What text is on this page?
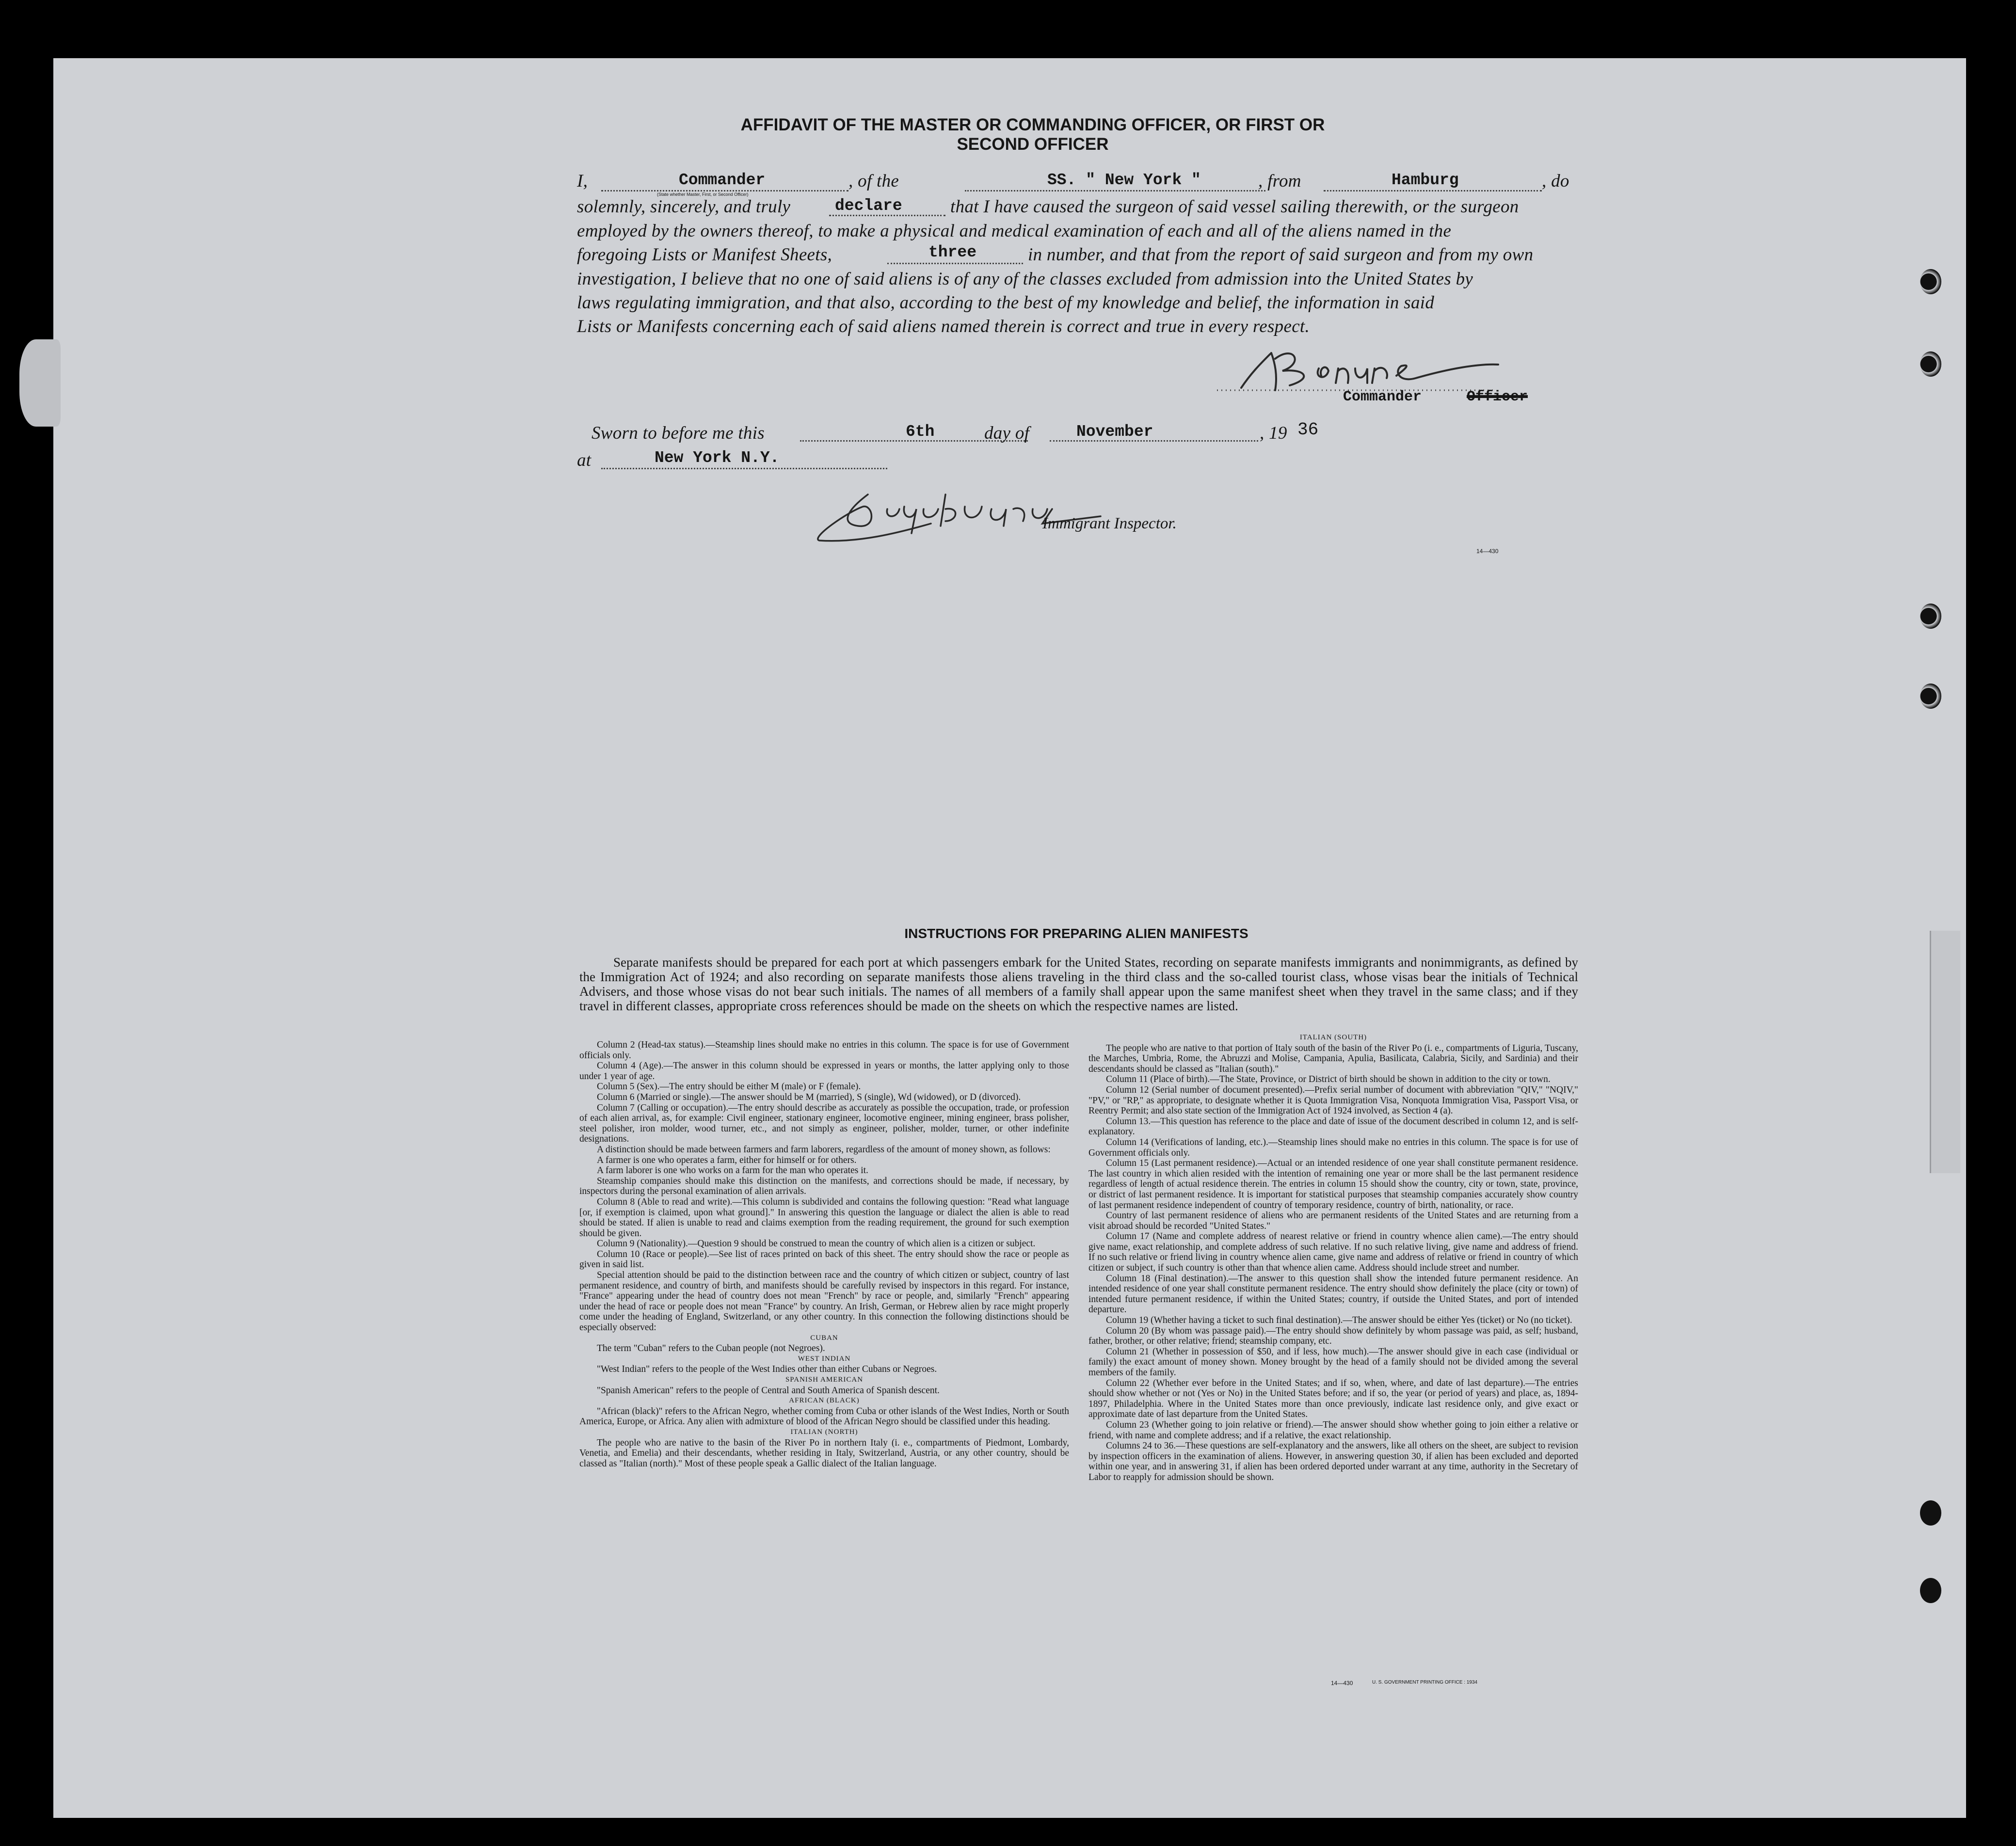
AFFIDAVIT OF THE MASTER OR COMMANDING OFFICER, OR FIRST OR SECOND OFFICER
I,	Commander
(State whether Master, First, or Second Officer)
, of the	SS. " New York "	, from	Hamburg	, do
solemnly, sincerely, and truly	declare	that I have caused the surgeon of said vessel sailing therewith, or the surgeon
employed by the owners thereof, to make a physical and medical examination of each and all of the aliens named in the
foregoing Lists or Manifest Sheets,	three	in number, and that from the report of said surgeon and from my own
investigation, I believe that no one of said aliens is of any of the classes excluded from admission into the United States by
laws regulating immigration, and that also, according to the best of my knowledge and belief, the information in said
Lists or Manifests concerning each of said aliens named therein is correct and true in every respect.
Commander	Officer
Sworn to before me this	6th	day of	November	, 19 36
at	New York N.Y.
Immigrant Inspector.
14—430
INSTRUCTIONS FOR PREPARING ALIEN MANIFESTS
Separate manifests should be prepared for each port at which passengers embark for the United States, recording on separate manifests immigrants and nonimmigrants, as defined by the Immigration Act of 1924; and also recording on separate manifests those aliens traveling in the third class and the so-called tourist class, whose visas bear the initials of Technical Advisers, and those whose visas do not bear such initials. The names of all members of a family shall appear upon the same manifest sheet when they travel in the same class; and if they travel in different classes, appropriate cross references should be made on the sheets on which the respective names are listed.

Column 2 (Head-tax status).—Steamship lines should make no entries in this column. The space is for use of Government officials only.

Column 4 (Age).—The answer in this column should be expressed in years or months, the latter applying only to those under 1 year of age.

Column 5 (Sex).—The entry should be either M (male) or F (female).

Column 6 (Married or single).—The answer should be M (married), S (single), Wd (widowed), or D (divorced).

Column 7 (Calling or occupation).—The entry should describe as accurately as possible the occupation, trade, or profession of each alien arrival, as, for example: Civil engineer, stationary engineer, locomotive engineer, mining engineer, brass polisher, steel polisher, iron molder, wood turner, etc., and not simply as engineer, polisher, molder, turner, or other indefinite designations.

A distinction should be made between farmers and farm laborers, regardless of the amount of money shown, as follows:

A farmer is one who operates a farm, either for himself or for others.

A farm laborer is one who works on a farm for the man who operates it.

Steamship companies should make this distinction on the manifests, and corrections should be made, if necessary, by inspectors during the personal examination of alien arrivals.

Column 8 (Able to read and write).—This column is subdivided and contains the following question: "Read what language [or, if exemption is claimed, upon what ground]." In answering this question the language or dialect the alien is able to read should be stated. If alien is unable to read and claims exemption from the reading requirement, the ground for such exemption should be given.

Column 9 (Nationality).—Question 9 should be construed to mean the country of which alien is a citizen or subject.

Column 10 (Race or people).—See list of races printed on back of this sheet. The entry should show the race or people as given in said list.

Special attention should be paid to the distinction between race and the country of which citizen or subject, country of last permanent residence, and country of birth, and manifests should be carefully revised by inspectors in this regard. For instance, "France" appearing under the head of country does not mean "French" by race or people, and, similarly "French" appearing under the head of race or people does not mean "France" by country. An Irish, German, or Hebrew alien by race might properly come under the heading of England, Switzerland, or any other country. In this connection the following distinctions should be especially observed:

CUBAN

The term "Cuban" refers to the Cuban people (not Negroes).

WEST INDIAN

"West Indian" refers to the people of the West Indies other than either Cubans or Negroes.

SPANISH AMERICAN

"Spanish American" refers to the people of Central and South America of Spanish descent.

AFRICAN (BLACK)

"African (black)" refers to the African Negro, whether coming from Cuba or other islands of the West Indies, North or South America, Europe, or Africa. Any alien with admixture of blood of the African Negro should be classified under this heading.

ITALIAN (NORTH)

The people who are native to the basin of the River Po in northern Italy (i. e., compartments of Piedmont, Lombardy, Venetia, and Emelia) and their descendants, whether residing in Italy, Switzerland, Austria, or any other country, should be classed as "Italian (north)." Most of these people speak a Gallic dialect of the Italian language.

ITALIAN (SOUTH)

The people who are native to that portion of Italy south of the basin of the River Po (i. e., compartments of Liguria, Tuscany, the Marches, Umbria, Rome, the Abruzzi and Molise, Campania, Apulia, Basilicata, Calabria, Sicily, and Sardinia) and their descendants should be classed as "Italian (south)."

Column 11 (Place of birth).—The State, Province, or District of birth should be shown in addition to the city or town.

Column 12 (Serial number of document presented).—Prefix serial number of document with abbreviation "QIV," "NQIV," "PV," or "RP," as appropriate, to designate whether it is Quota Immigration Visa, Nonquota Immigration Visa, Passport Visa, or Reentry Permit; and also state section of the Immigration Act of 1924 involved, as Section 4 (a).

Column 13.—This question has reference to the place and date of issue of the document described in column 12, and is self-explanatory.

Column 14 (Verifications of landing, etc.).—Steamship lines should make no entries in this column. The space is for use of Government officials only.

Column 15 (Last permanent residence).—Actual or an intended residence of one year shall constitute permanent residence. The last country in which alien resided with the intention of remaining one year or more shall be the last permanent residence regardless of length of actual residence therein. The entries in column 15 should show the country, city or town, state, province, or district of last permanent residence. It is important for statistical purposes that steamship companies accurately show country of last permanent residence independent of country of temporary residence, country of birth, nationality, or race.

Country of last permanent residence of aliens who are permanent residents of the United States and are returning from a visit abroad should be recorded "United States."

Column 17 (Name and complete address of nearest relative or friend in country whence alien came).—The entry should give name, exact relationship, and complete address of such relative. If no such relative living, give name and address of friend. If no such relative or friend living in country whence alien came, give name and address of relative or friend in country of which citizen or subject, if such country is other than that whence alien came. Address should include street and number.

Column 18 (Final destination).—The answer to this question shall show the intended future permanent residence. An intended residence of one year shall constitute permanent residence. The entry should show definitely the place (city or town) of intended future permanent residence, if within the United States; country, if outside the United States, and port of intended departure.

Column 19 (Whether having a ticket to such final destination).—The answer should be either Yes (ticket) or No (no ticket).

Column 20 (By whom was passage paid).—The entry should show definitely by whom passage was paid, as self; husband, father, brother, or other relative; friend; steamship company, etc.

Column 21 (Whether in possession of $50, and if less, how much).—The answer should give in each case (individual or family) the exact amount of money shown. Money brought by the head of a family should not be divided among the several members of the family.

Column 22 (Whether ever before in the United States; and if so, when, where, and date of last departure).—The entries should show whether or not (Yes or No) in the United States before; and if so, the year (or period of years) and place, as, 1894-1897, Philadelphia. Where in the United States more than once previously, indicate last residence only, and give exact or approximate date of last departure from the United States.

Column 23 (Whether going to join relative or friend).—The answer should show whether going to join either a relative or friend, with name and complete address; and if a relative, the exact relationship.

Columns 24 to 36.—These questions are self-explanatory and the answers, like all others on the sheet, are subject to revision by inspection officers in the examination of aliens. However, in answering question 30, if alien has been excluded and deported within one year, and in answering 31, if alien has been ordered deported under warrant at any time, authority in the Secretary of Labor to reapply for admission should be shown.

14—430	U. S. GOVERNMENT PRINTING OFFICE : 1934
